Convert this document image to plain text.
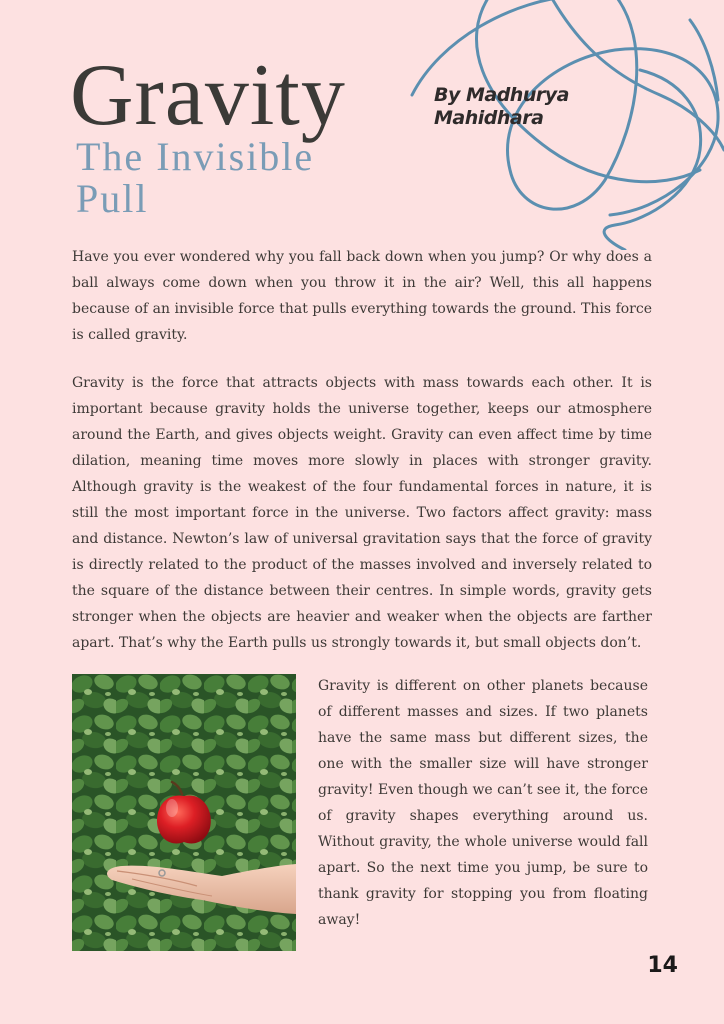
Gravity
The Invisible Pull

By Madhurya Mahidhara

Have you ever wondered why you fall back down when you jump? Or why does a ball always come down when you throw it in the air? Well, this all happens because of an invisible force that pulls everything towards the ground. This force is called gravity.

Gravity is the force that attracts objects with mass towards each other. It is important because gravity holds the universe together, keeps our atmosphere around the Earth, and gives objects weight. Gravity can even affect time by time dilation, meaning time moves more slowly in places with stronger gravity. Although gravity is the weakest of the four fundamental forces in nature, it is still the most important force in the universe. Two factors affect gravity: mass and distance. Newton’s law of universal gravitation says that the force of gravity is directly related to the product of the masses involved and inversely related to the square of the distance between their centres. In simple words, gravity gets stronger when the objects are heavier and weaker when the objects are farther apart. That’s why the Earth pulls us strongly towards it, but small objects don’t.

Gravity is different on other planets because of different masses and sizes. If two planets have the same mass but different sizes, the one with the smaller size will have stronger gravity! Even though we can’t see it, the force of gravity shapes everything around us. Without gravity, the whole universe would fall apart. So the next time you jump, be sure to thank gravity for stopping you from floating away!

14
